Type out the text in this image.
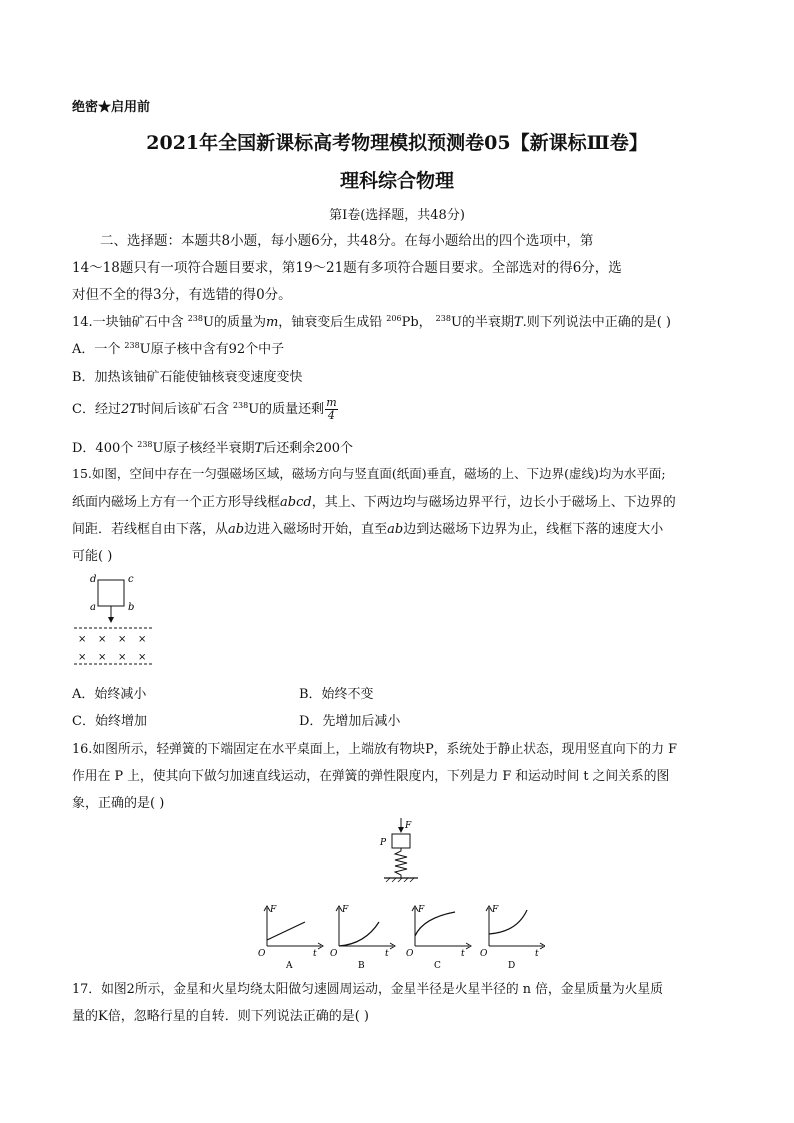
绝密★启用前
2021年全国新课标高考物理模拟预测卷05【新课标Ⅲ卷】
理科综合物理
第Ⅰ卷(选择题，共48分)
二、选择题：本题共8小题，每小题6分，共48分。在每小题给出的四个选项中，第
14～18题只有一项符合题目要求，第19～21题有多项符合题目要求。全部选对的得6分，选
对但不全的得3分，有选错的得0分。
14.一块铀矿石中含 $^{238}$U的质量为m，铀衰变后生成铅 $^{206}$Pb， $^{238}$U的半衰期T.则下列说法中正确的是( )
A．一个 $^{238}$U原子核中含有92个中子
B．加热该铀矿石能使铀核衰变速度变快
C．经过2T时间后该矿石含 $^{238}$U的质量还剩 $\frac{m}{4}$
D．400个 $^{238}$U原子核经半衰期T后还剩余200个
15.如图，空间中存在一匀强磁场区域，磁场方向与竖直面(纸面)垂直，磁场的上、下边界(虚线)均为水平面;
纸面内磁场上方有一个正方形导线框abcd，其上、下两边均与磁场边界平行，边长小于磁场上、下边界的
间距．若线框自由下落，从ab边进入磁场时开始，直至ab边到达磁场下边界为止，线框下落的速度大小
可能( )
d	c
a	b
× × × ×
× × × ×
A．始终减小	B．始终不变
C．始终增加	D．先增加后减小
16.如图所示，轻弹簧的下端固定在水平桌面上，上端放有物块P，系统处于静止状态，现用竖直向下的力 F
作用在 P 上，使其向下做匀加速直线运动，在弹簧的弹性限度内，下列是力 F 和运动时间 t 之间关系的图
象，正确的是( )
F
P
F
t
O
A
F
t
O
B
F
t
O
C
F
t
O
D
17．如图2所示，金星和火星均绕太阳做匀速圆周运动，金星半径是火星半径的 n 倍，金星质量为火星质
量的K倍，忽略行星的自转．则下列说法正确的是( )
